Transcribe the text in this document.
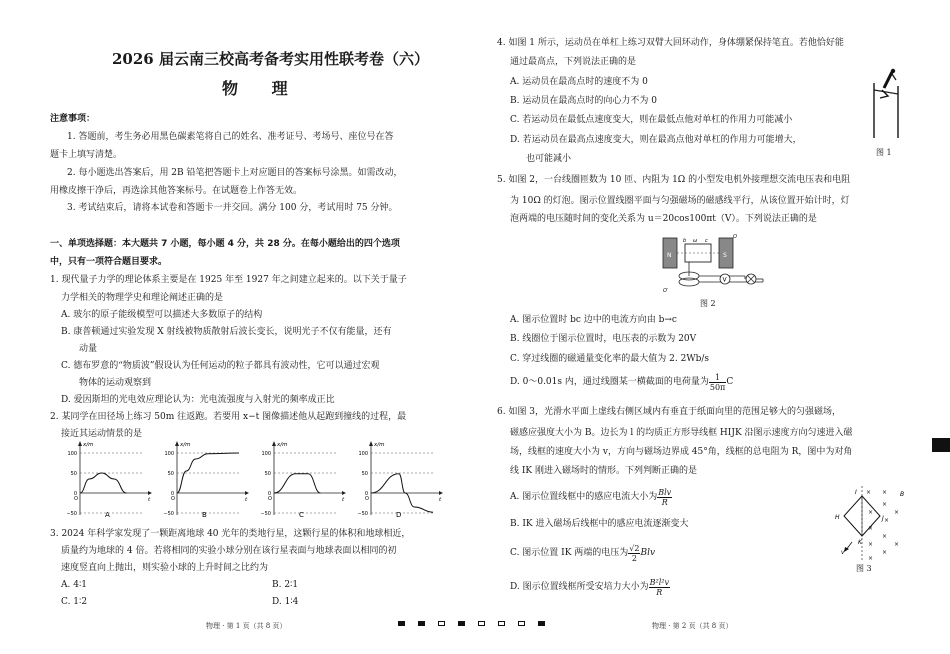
2026 届云南三校高考备考实用性联考卷（六）
物 理
注意事项：
1. 答题前，考生务必用黑色碳素笔将自己的姓名、准考证号、考场号、座位号在答
题卡上填写清楚。
2. 每小题选出答案后，用 2B 铅笔把答题卡上对应题目的答案标号涂黑。如需改动，
用橡皮擦干净后，再选涂其他答案标号。在试题卷上作答无效。
3. 考试结束后，请将本试卷和答题卡一并交回。满分 100 分，考试用时 75 分钟。
一、单项选择题：本大题共 7 小题，每小题 4 分，共 28 分。在每小题给出的四个选项
中，只有一项符合题目要求。
1. 现代量子力学的理论体系主要是在 1925 年至 1927 年之间建立起来的。以下关于量子
力学相关的物理学史和理论阐述正确的是
A. 玻尔的原子能级模型可以描述大多数原子的结构
B. 康普顿通过实验发现 X 射线被物质散射后波长变长，说明光子不仅有能量，还有
动量
C. 德布罗意的“物质波”假设认为任何运动的粒子都具有波动性，它可以通过宏观
物体的运动观察到
D. 爱因斯坦的光电效应理论认为：光电流强度与入射光的频率成正比
2. 某同学在田径场上练习 50m 往返跑。若要用 x−t 图像描述他从起跑到撞线的过程，最
接近其运动情景的是
x/m
t
O
100
50
0
−50	A
x/m
t
O
100
50
0
−50	B
x/m
t
O
100
50
0
−50	C
x/m
t
O
100
50
0
−50	D
3. 2024 年科学家发现了一颗距离地球 40 光年的类地行星，这颗行星的体积和地球相近，
质量约为地球的 4 倍。若将相同的实验小球分别在该行星表面与地球表面以相同的初
速度竖直向上抛出，则实验小球的上升时间之比约为
A. 4∶1	B. 2∶1
C. 1∶2	D. 1∶4
物理 · 第 1 页（共 8 页）
4. 如图 1 所示，运动员在单杠上练习双臂大回环动作，身体绷紧保持笔直。若他恰好能
通过最高点，下列说法正确的是
A. 运动员在最高点时的速度不为 0
B. 运动员在最高点时的向心力不为 0
C. 若运动员在最低点速度变大，则在最低点他对单杠的作用力可能减小
D. 若运动员在最高点速度变大，则在最高点他对单杠的作用力可能增大，
也可能减小
图 1
5. 如图 2，一台线圈匝数为 10 匝、内阻为 1Ω 的小型发电机外接理想交流电压表和电阻
为 10Ω 的灯泡。图示位置线圈平面与匀强磁场的磁感线平行，从该位置开始计时，灯
泡两端的电压随时间的变化关系为 u＝20cos100πt（V）。下列说法正确的是
N	S
ω
b	c
V
O′
O
图 2
A. 图示位置时 bc 边中的电流方向由 b→c
B. 线圈位于图示位置时，电压表的示数为 20V
C. 穿过线圈的磁通量变化率的最大值为 2. 2Wb/s
D. 0～0.01s 内，通过线圈某一横截面的电荷量为 $\frac{1}{50\pi}$ C
6. 如图 3，光滑水平面上虚线右侧区域内有垂直于纸面向里的范围足够大的匀强磁场，
磁感应强度大小为 B。边长为 l 的均质正方形导线框 HIJK 沿图示速度方向匀速进入磁
场，线框的速度大小为 v，方向与磁场边界成 45°角，线框的总电阻为 R，图中为对角
线 IK 刚进入磁场时的情形。下列判断正确的是
A. 图示位置线框中的感应电流大小为 $\frac{\text{Blv}}{R}$
B. IK 进入磁场后线框中的感应电流逐渐变大
C. 图示位置 IK 两端的电压为 $\frac{√2}{2}$ Blv
D. 图示位置线框所受安培力大小为 $\frac{\text{B²l²v}}{R}$
× ×
×
×
×
×
×
×
×
×
×
×
I
J
K
H
B
v
图 3
物理 · 第 2 页（共 8 页）
